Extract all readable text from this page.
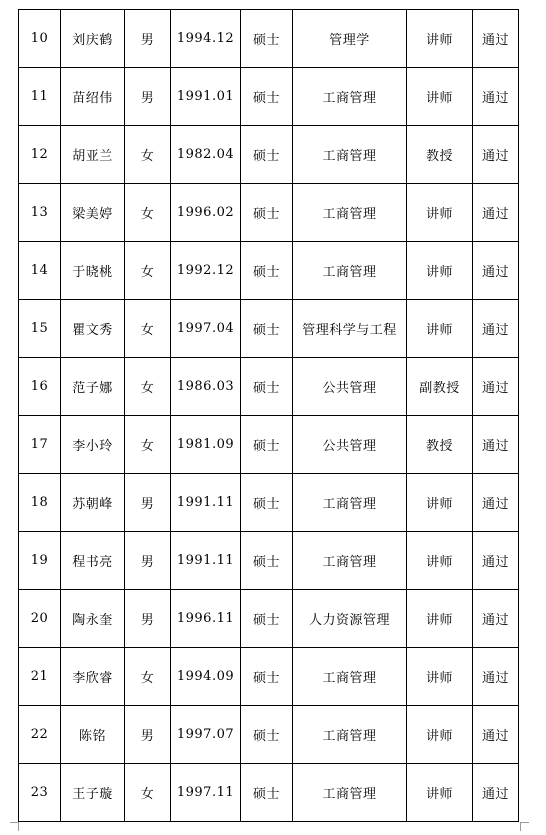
10	刘庆鹤	男	1994.12	硕士	管理学	讲师	通过
11	苗绍伟	男	1991.01	硕士	工商管理	讲师	通过
12	胡亚兰	女	1982.04	硕士	工商管理	教授	通过
13	梁美婷	女	1996.02	硕士	工商管理	讲师	通过
14	于晓桃	女	1992.12	硕士	工商管理	讲师	通过
15	瞿文秀	女	1997.04	硕士	管理科学与工程	讲师	通过
16	范子娜	女	1986.03	硕士	公共管理	副教授	通过
17	李小玲	女	1981.09	硕士	公共管理	教授	通过
18	苏朝峰	男	1991.11	硕士	工商管理	讲师	通过
19	程书亮	男	1991.11	硕士	工商管理	讲师	通过
20	陶永奎	男	1996.11	硕士	人力资源管理	讲师	通过
21	李欣睿	女	1994.09	硕士	工商管理	讲师	通过
22	陈铭	男	1997.07	硕士	工商管理	讲师	通过
23	王子璇	女	1997.11	硕士	工商管理	讲师	通过
